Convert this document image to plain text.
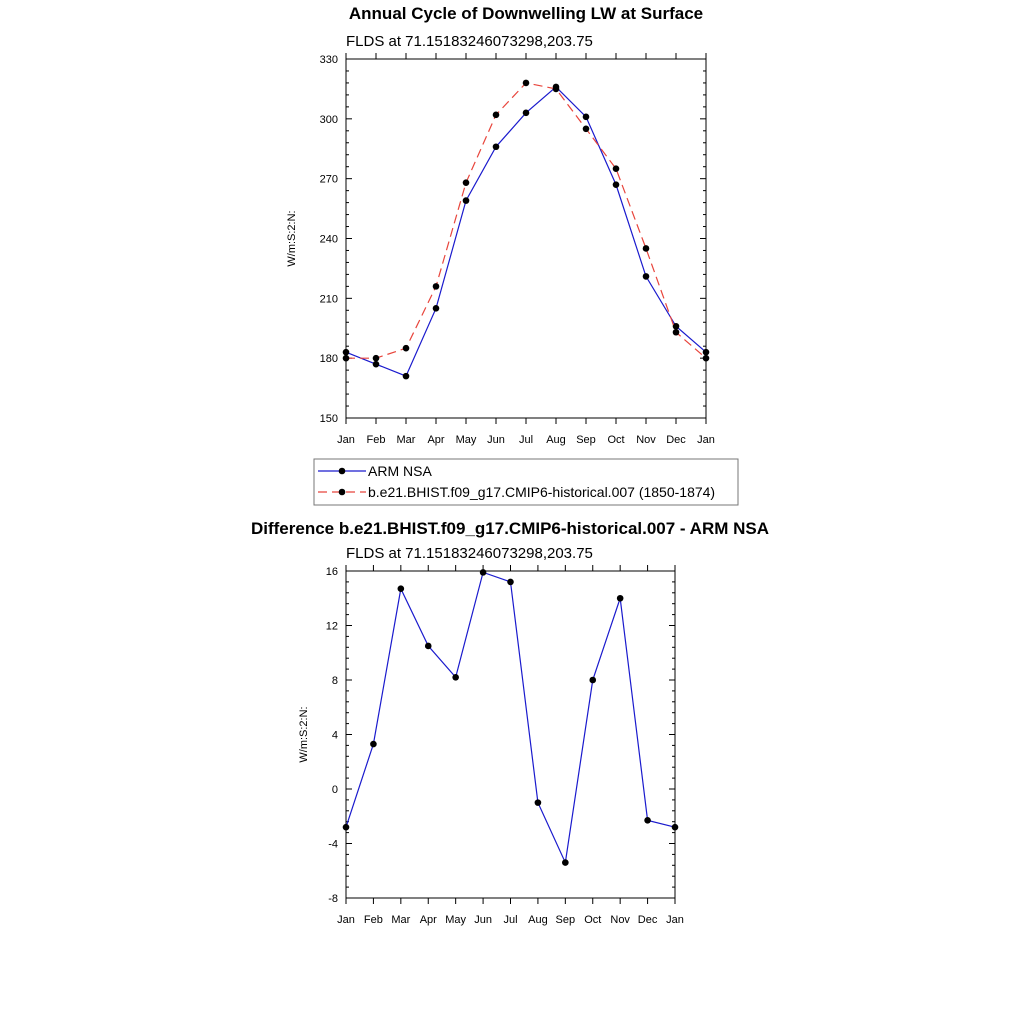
Annual Cycle of Downwelling LW at Surface
FLDS at 71.15183246073298,203.75
150
180
210
240
270
300
330
Jan Feb Mar Apr May Jun Jul Aug Sep Oct Nov Dec Jan
W/m:S:2:N:
ARM NSA
b.e21.BHIST.f09_g17.CMIP6-historical.007 (1850-1874)
Difference b.e21.BHIST.f09_g17.CMIP6-historical.007 - ARM NSA
FLDS at 71.15183246073298,203.75
-8
-4
0
4
8
12
16
Jan Feb Mar Apr May Jun Jul Aug Sep Oct Nov Dec Jan
W/m:S:2:N:
